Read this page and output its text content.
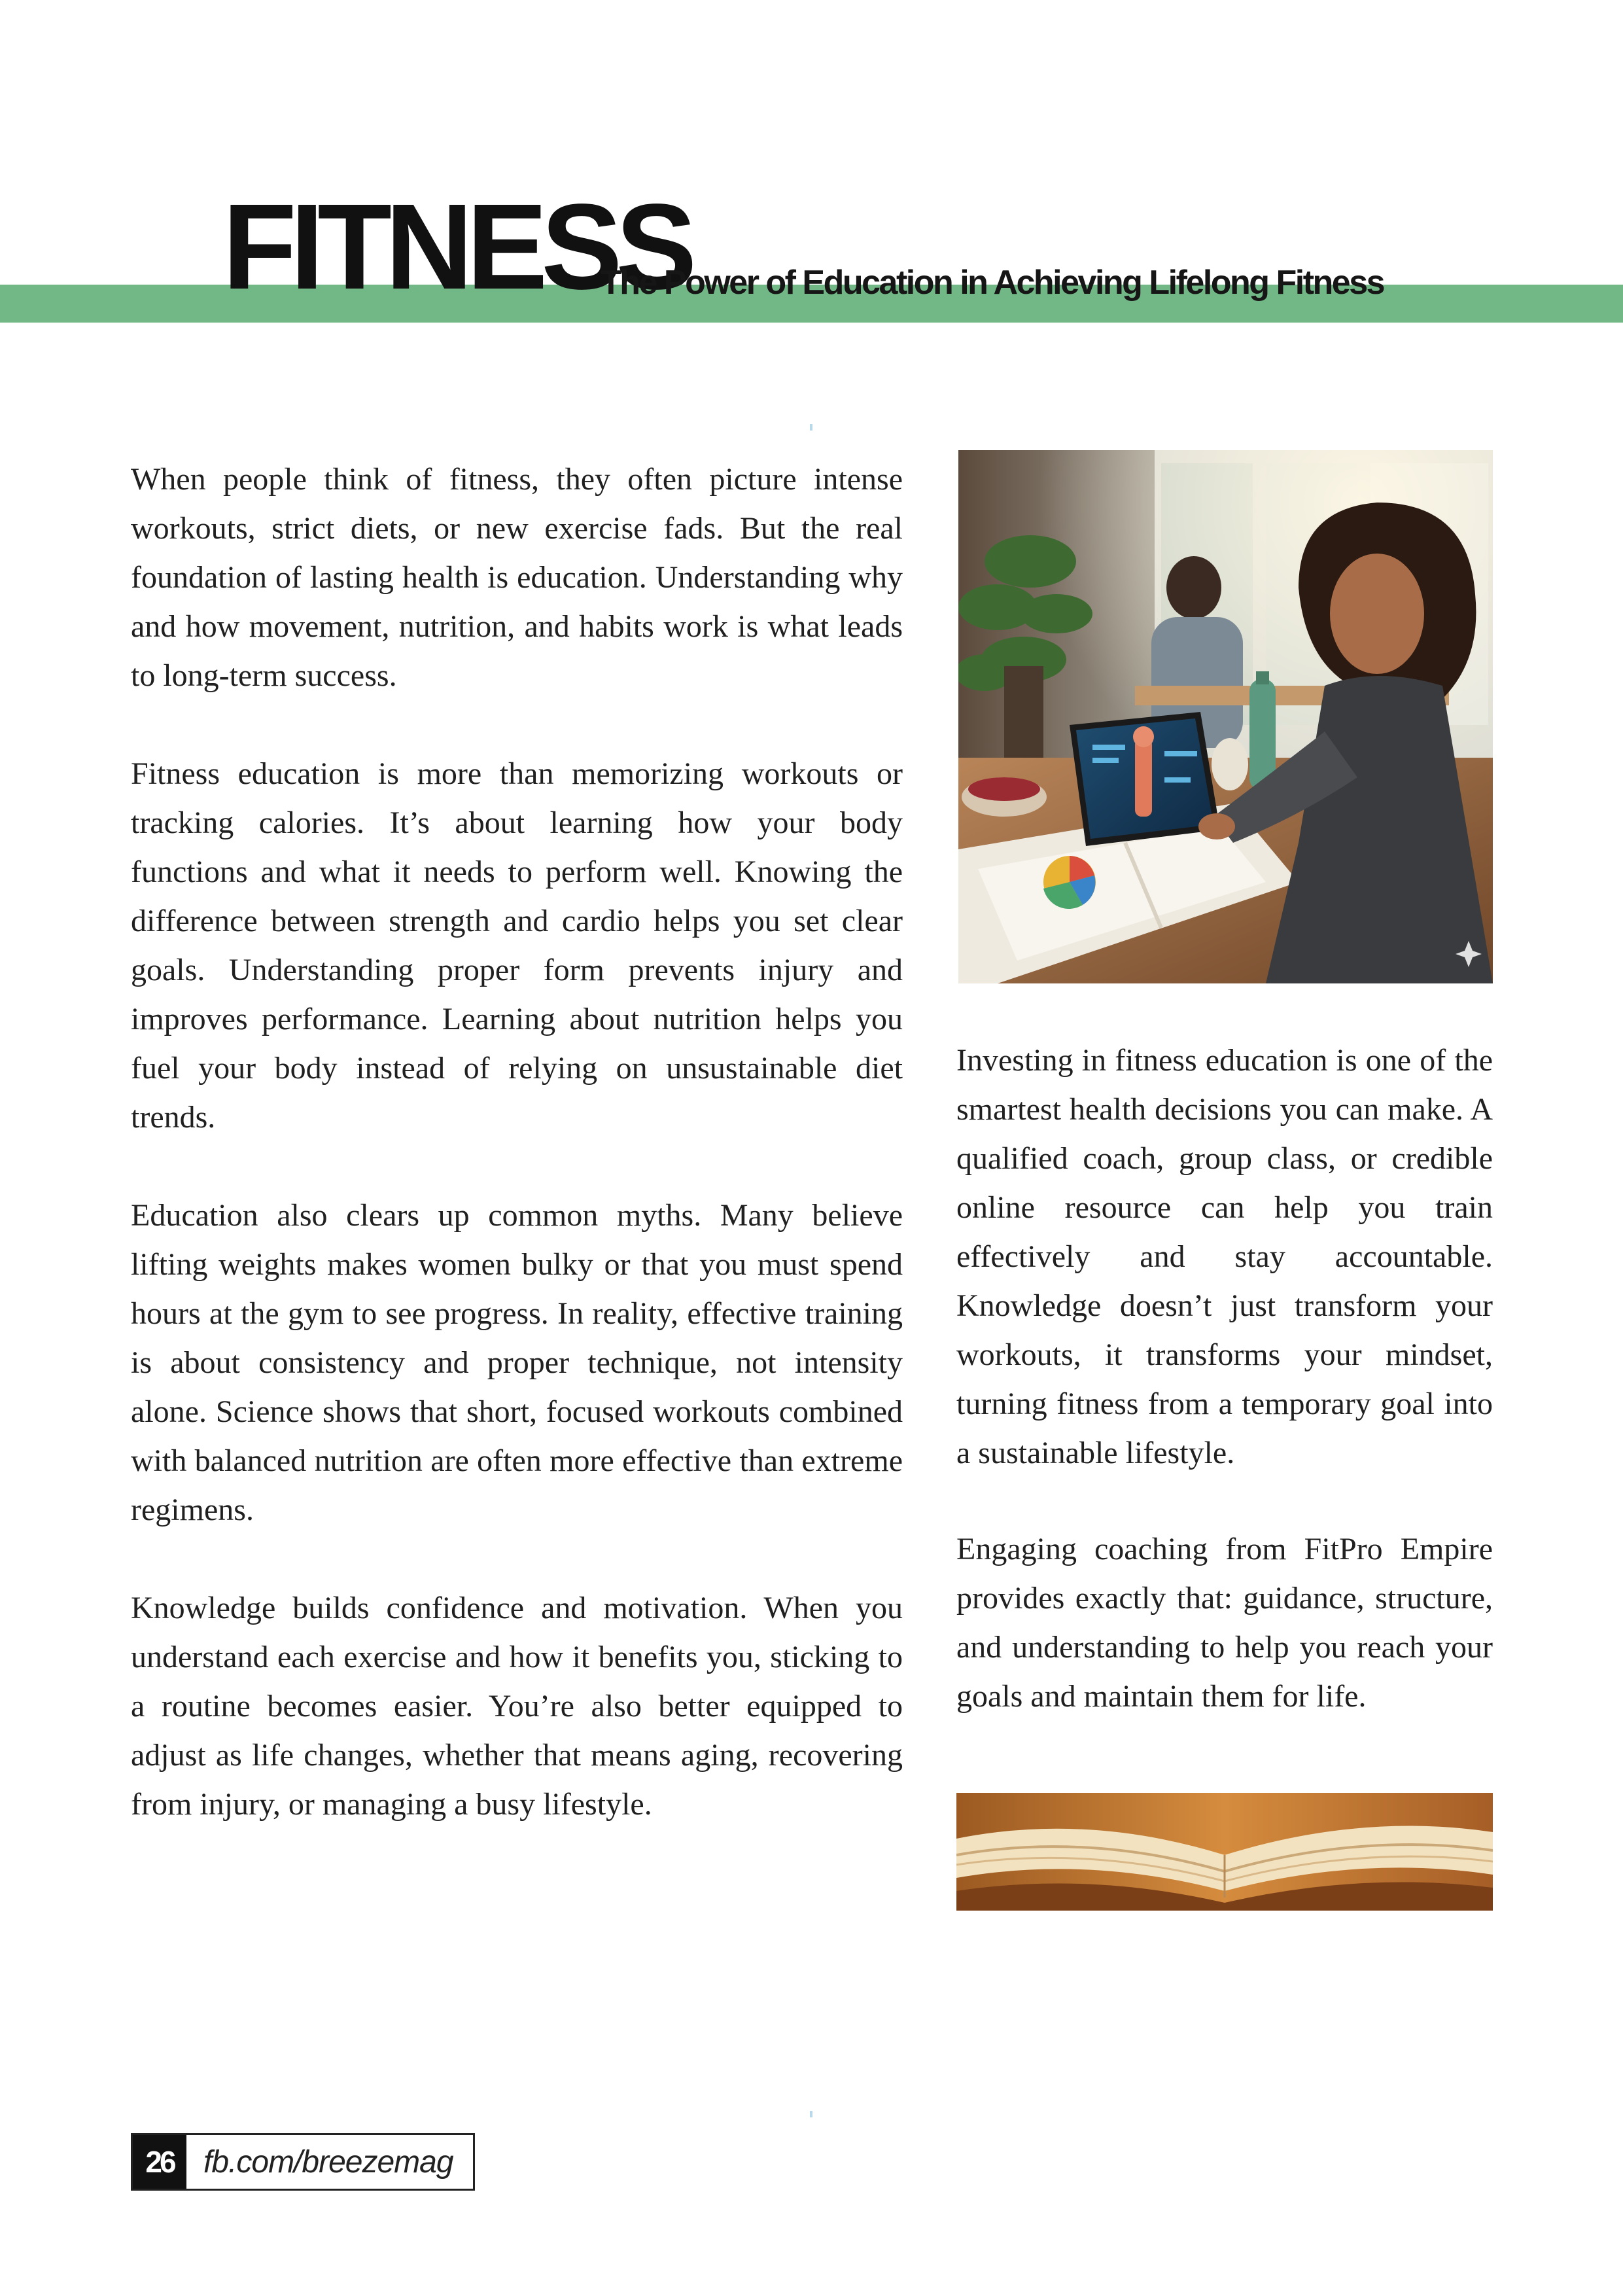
FITNESS
The Power of Education in Achieving Lifelong Fitness

When people think of fitness, they often picture intense workouts, strict diets, or new exercise fads. But the real foundation of lasting health is education. Understanding why and how movement, nutrition, and habits work is what leads to long-term success.

Fitness education is more than memorizing workouts or tracking calories. It’s about learning how your body functions and what it needs to perform well. Knowing the difference between strength and cardio helps you set clear goals. Understanding proper form prevents injury and improves performance. Learning about nutrition helps you fuel your body instead of relying on unsustainable diet trends.

Education also clears up common myths. Many believe lifting weights makes women bulky or that you must spend hours at the gym to see progress. In reality, effective training is about consistency and proper technique, not intensity alone. Science shows that short, focused workouts combined with balanced nutrition are often more effective than extreme regimens.

Knowledge builds confidence and motivation. When you understand each exercise and how it benefits you, sticking to a routine becomes easier. You’re also better equipped to adjust as life changes, whether that means aging, recovering from injury, or managing a busy lifestyle.

Investing in fitness education is one of the smartest health decisions you can make. A qualified coach, group class, or credible online resource can help you train effectively and stay accountable. Knowledge doesn’t just transform your workouts, it transforms your mindset, turning fitness from a temporary goal into a sustainable lifestyle.

Engaging coaching from FitPro Empire provides exactly that: guidance, structure, and understanding to help you reach your goals and maintain them for life.

26 fb.com/breezemag
